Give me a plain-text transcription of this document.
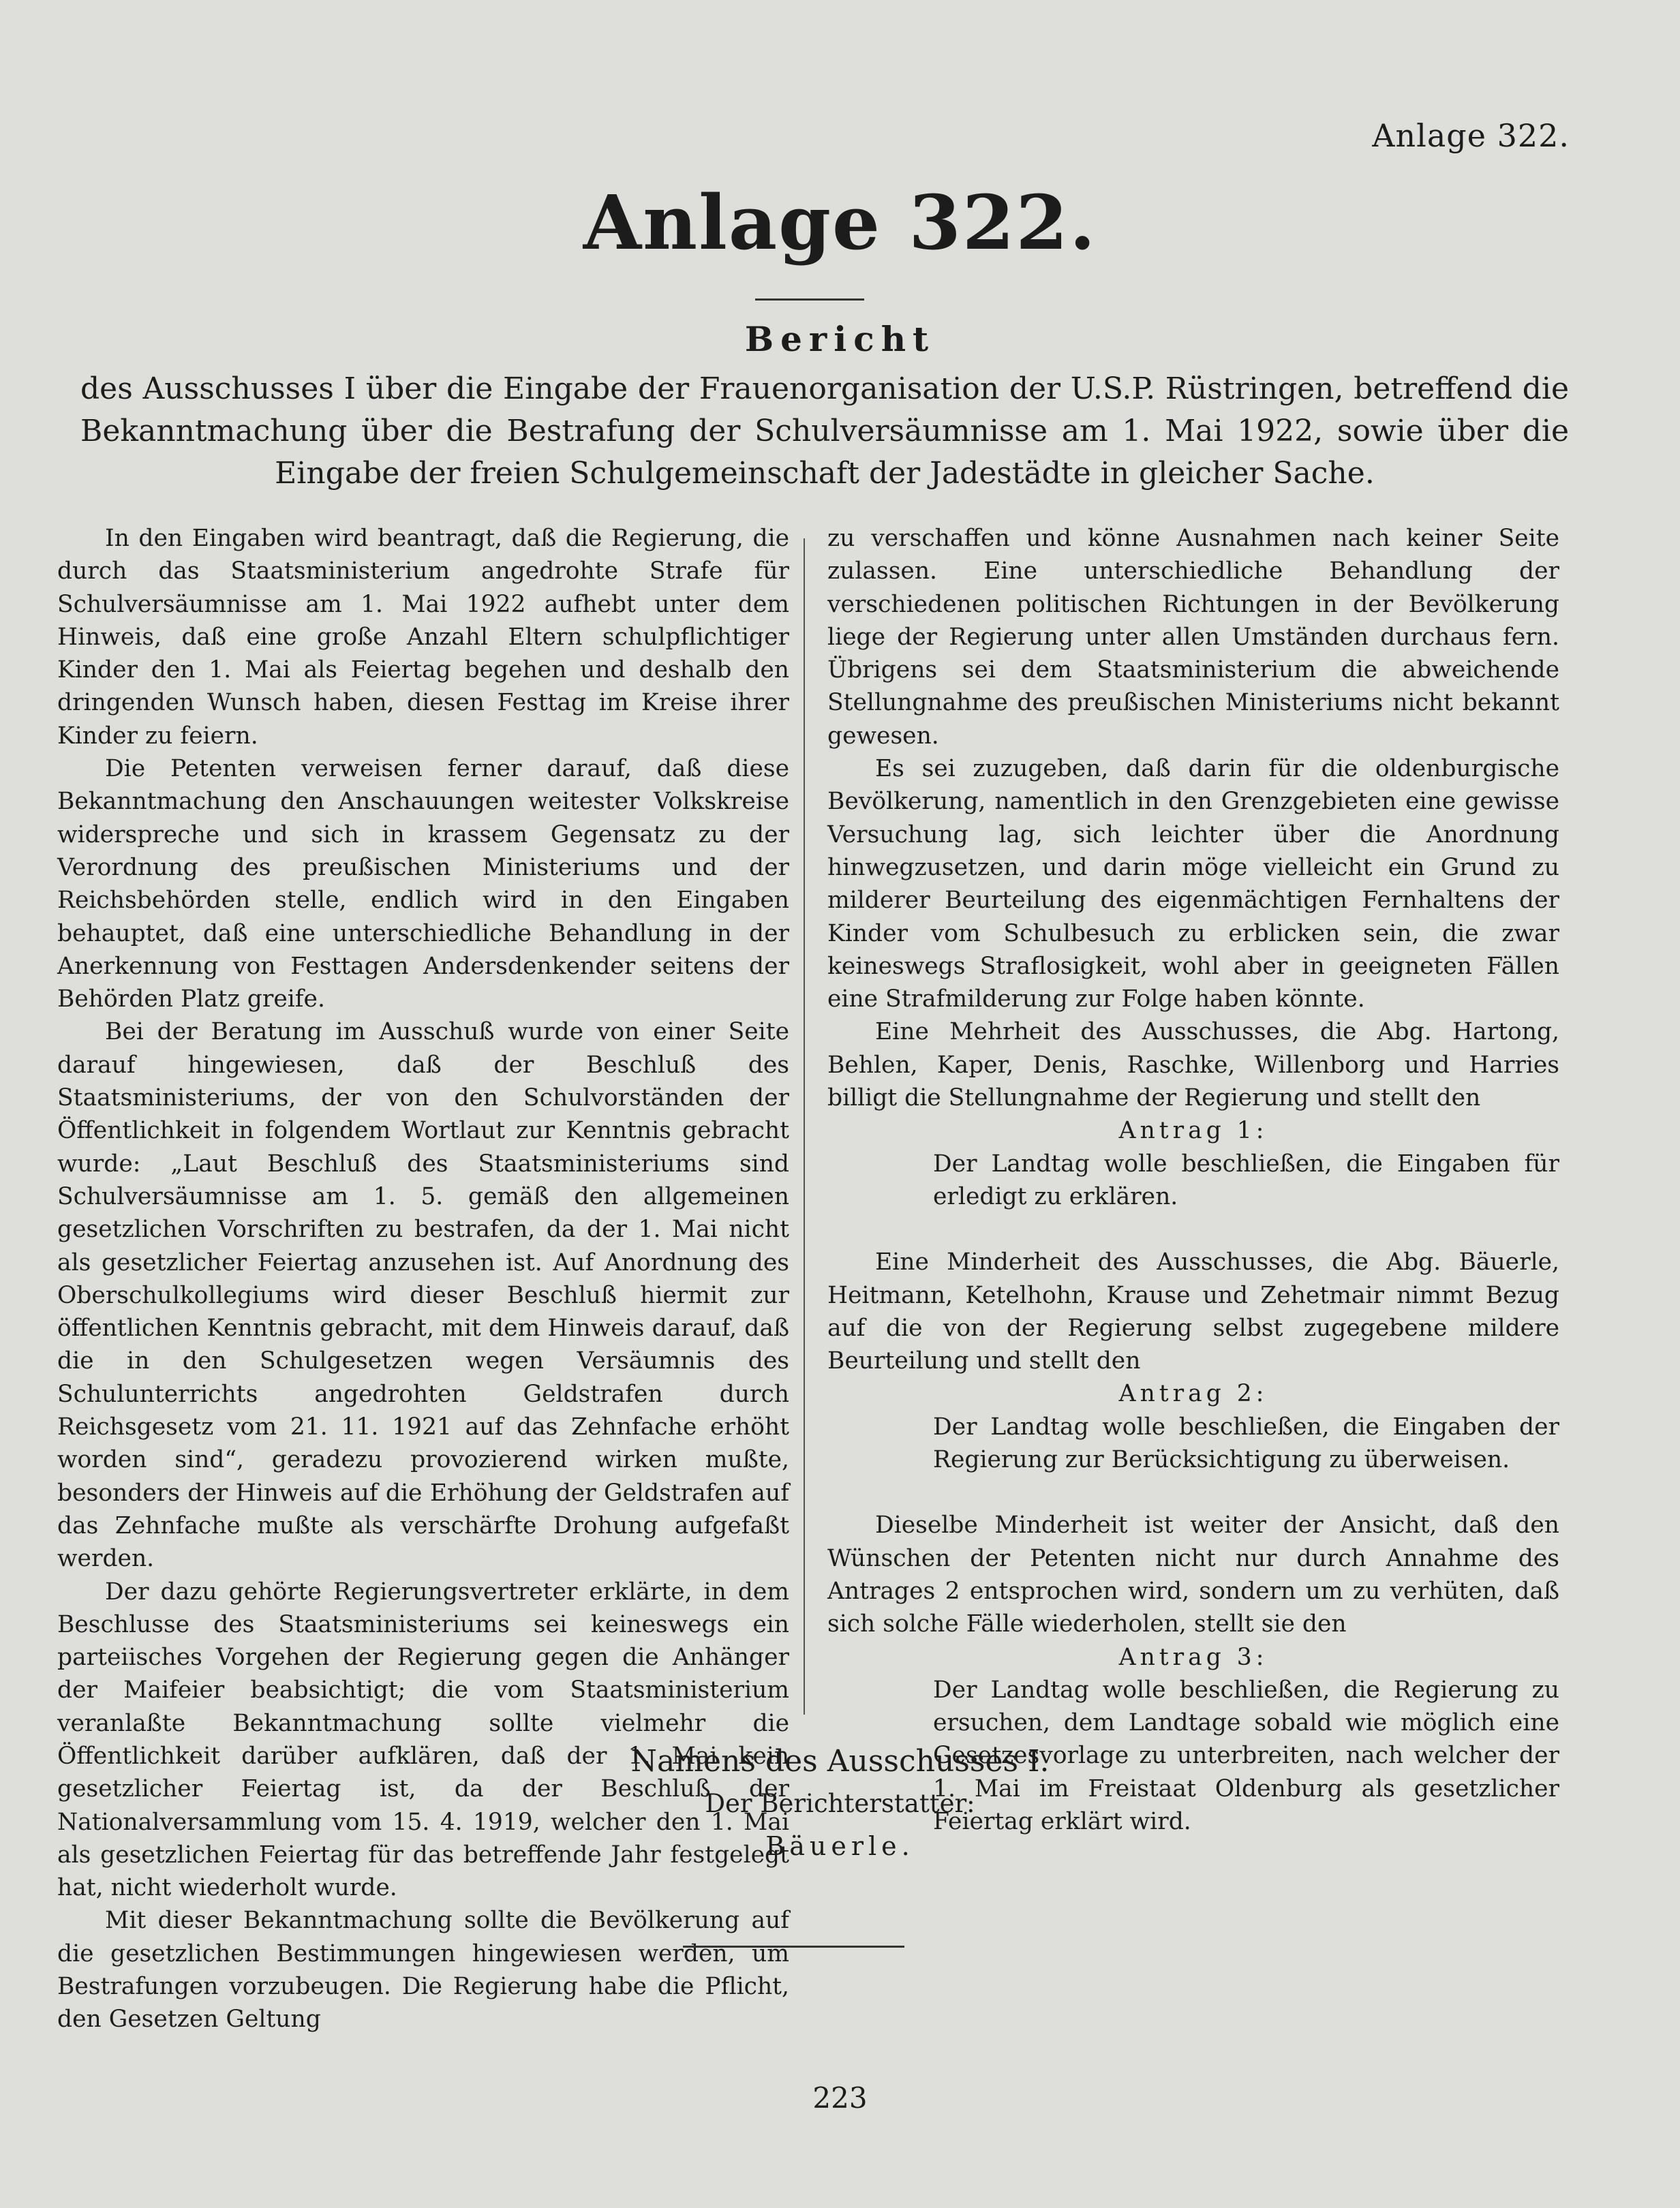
Anlage 322.

Anlage 322.
Bericht

des Ausschusses I über die Eingabe der Frauenorganisation der U.S.P. Rüstringen, betreffend die Bekanntmachung über die Bestrafung der Schulversäumnisse am 1. Mai 1922, sowie über die Eingabe der freien Schulgemeinschaft der Jadestädte in gleicher Sache.

In den Eingaben wird beantragt, daß die Regierung, die durch das Staatsministerium angedrohte Strafe für Schulversäumnisse am 1. Mai 1922 aufhebt unter dem Hinweis, daß eine große Anzahl Eltern schulpflichtiger Kinder den 1. Mai als Feiertag begehen und deshalb den dringenden Wunsch haben, diesen Festtag im Kreise ihrer Kinder zu feiern.

Die Petenten verweisen ferner darauf, daß diese Bekanntmachung den Anschauungen weitester Volkskreise widerspreche und sich in krassem Gegensatz zu der Verordnung des preußischen Ministeriums und der Reichsbehörden stelle, endlich wird in den Eingaben behauptet, daß eine unterschiedliche Behandlung in der Anerkennung von Festtagen Andersdenkender seitens der Behörden Platz greife.

Bei der Beratung im Ausschuß wurde von einer Seite darauf hingewiesen, daß der Beschluß des Staatsministeriums, der von den Schulvorständen der Öffentlichkeit in folgendem Wortlaut zur Kenntnis gebracht wurde: „Laut Beschluß des Staatsministeriums sind Schulversäumnisse am 1. 5. gemäß den allgemeinen gesetzlichen Vorschriften zu bestrafen, da der 1. Mai nicht als gesetzlicher Feiertag anzusehen ist. Auf Anordnung des Oberschulkollegiums wird dieser Beschluß hiermit zur öffentlichen Kenntnis gebracht, mit dem Hinweis darauf, daß die in den Schulgesetzen wegen Versäumnis des Schulunterrichts angedrohten Geldstrafen durch Reichsgesetz vom 21. 11. 1921 auf das Zehnfache erhöht worden sind“, geradezu provozierend wirken mußte, besonders der Hinweis auf die Erhöhung der Geldstrafen auf das Zehnfache mußte als verschärfte Drohung aufgefaßt werden.

Der dazu gehörte Regierungsvertreter erklärte, in dem Beschlusse des Staatsministeriums sei keineswegs ein parteiisches Vorgehen der Regierung gegen die Anhänger der Maifeier beabsichtigt; die vom Staatsministerium veranlaßte Bekanntmachung sollte vielmehr die Öffentlichkeit darüber aufklären, daß der 1. Mai kein gesetzlicher Feiertag ist, da der Beschluß der Nationalversammlung vom 15. 4. 1919, welcher den 1. Mai als gesetzlichen Feiertag für das betreffende Jahr festgelegt hat, nicht wiederholt wurde.

Mit dieser Bekanntmachung sollte die Bevölkerung auf die gesetzlichen Bestimmungen hingewiesen werden, um Bestrafungen vorzubeugen. Die Regierung habe die Pflicht, den Gesetzen Geltung

zu verschaffen und könne Ausnahmen nach keiner Seite zulassen. Eine unterschiedliche Behandlung der verschiedenen politischen Richtungen in der Bevölkerung liege der Regierung unter allen Umständen durchaus fern. Übrigens sei dem Staatsministerium die abweichende Stellungnahme des preußischen Ministeriums nicht bekannt gewesen.

Es sei zuzugeben, daß darin für die oldenburgische Bevölkerung, namentlich in den Grenzgebieten eine gewisse Versuchung lag, sich leichter über die Anordnung hinwegzusetzen, und darin möge vielleicht ein Grund zu milderer Beurteilung des eigenmächtigen Fernhaltens der Kinder vom Schulbesuch zu erblicken sein, die zwar keineswegs Straflosigkeit, wohl aber in geeigneten Fällen eine Strafmilderung zur Folge haben könnte.

Eine Mehrheit des Ausschusses, die Abg. Hartong, Behlen, Kaper, Denis, Raschke, Willenborg und Harries billigt die Stellungnahme der Regierung und stellt den

Antrag 1:

Der Landtag wolle beschließen, die Eingaben für erledigt zu erklären.

Eine Minderheit des Ausschusses, die Abg. Bäuerle, Heitmann, Ketelhohn, Krause und Zehetmair nimmt Bezug auf die von der Regierung selbst zugegebene mildere Beurteilung und stellt den

Antrag 2:

Der Landtag wolle beschließen, die Eingaben der Regierung zur Berücksichtigung zu überweisen.

Dieselbe Minderheit ist weiter der Ansicht, daß den Wünschen der Petenten nicht nur durch Annahme des Antrages 2 entsprochen wird, sondern um zu verhüten, daß sich solche Fälle wiederholen, stellt sie den

Antrag 3:

Der Landtag wolle beschließen, die Regierung zu ersuchen, dem Landtage sobald wie möglich eine Gesetzesvorlage zu unterbreiten, nach welcher der 1. Mai im Freistaat Oldenburg als gesetzlicher Feiertag erklärt wird.

Namens des Ausschusses I.

Der Berichterstatter:

Bäuerle.

223
